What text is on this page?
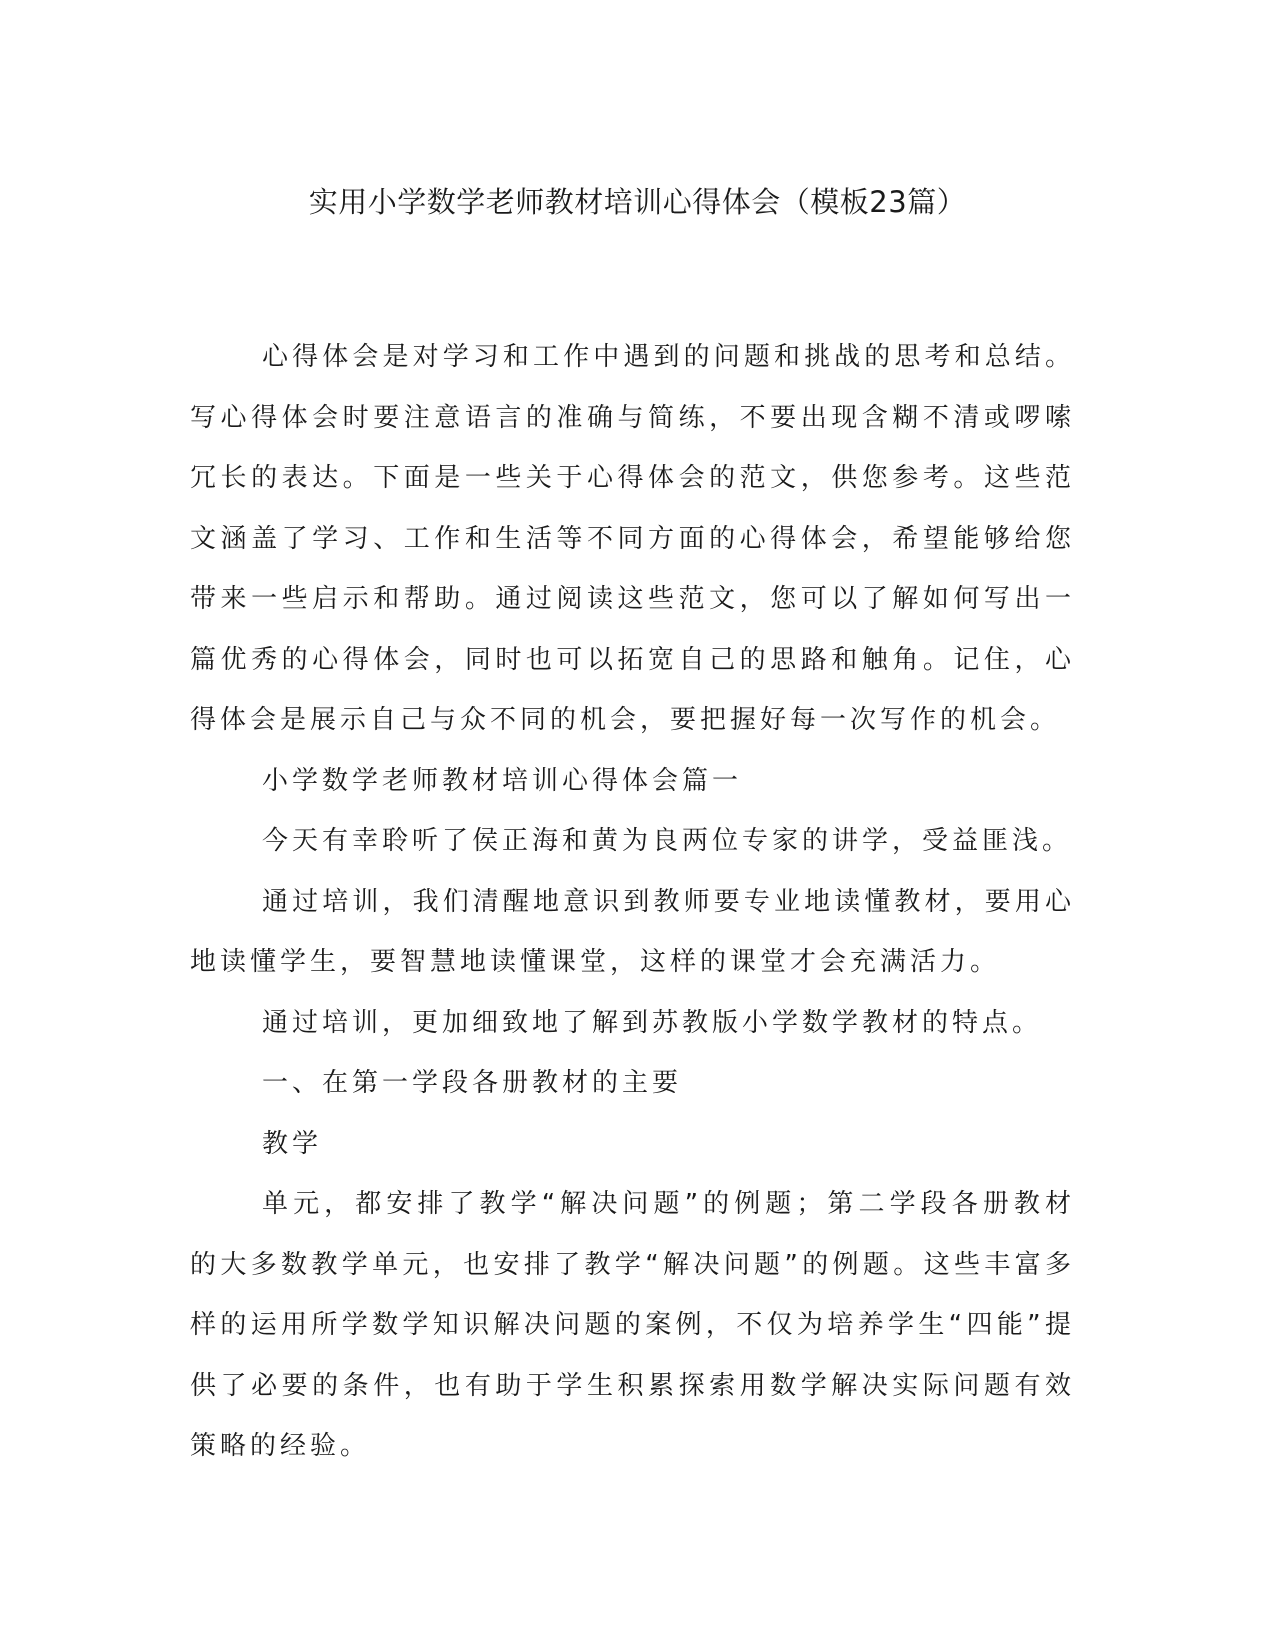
实用小学数学老师教材培训心得体会（模板23篇）

心得体会是对学习和工作中遇到的问题和挑战的思考和总结。写心得体会时要注意语言的准确与简练，不要出现含糊不清或啰嗦冗长的表达。下面是一些关于心得体会的范文，供您参考。这些范文涵盖了学习、工作和生活等不同方面的心得体会，希望能够给您带来一些启示和帮助。通过阅读这些范文，您可以了解如何写出一篇优秀的心得体会，同时也可以拓宽自己的思路和触角。记住，心得体会是展示自己与众不同的机会，要把握好每一次写作的机会。

小学数学老师教材培训心得体会篇一

今天有幸聆听了侯正海和黄为良两位专家的讲学，受益匪浅。

通过培训，我们清醒地意识到教师要专业地读懂教材，要用心地读懂学生，要智慧地读懂课堂，这样的课堂才会充满活力。

通过培训，更加细致地了解到苏教版小学数学教材的特点。

一、在第一学段各册教材的主要

教学

单元，都安排了教学“解决问题”的例题；第二学段各册教材的大多数教学单元，也安排了教学“解决问题”的例题。这些丰富多样的运用所学数学知识解决问题的案例，不仅为培养学生“四能”提供了必要的条件，也有助于学生积累探索用数学解决实际问题有效策略的经验。
